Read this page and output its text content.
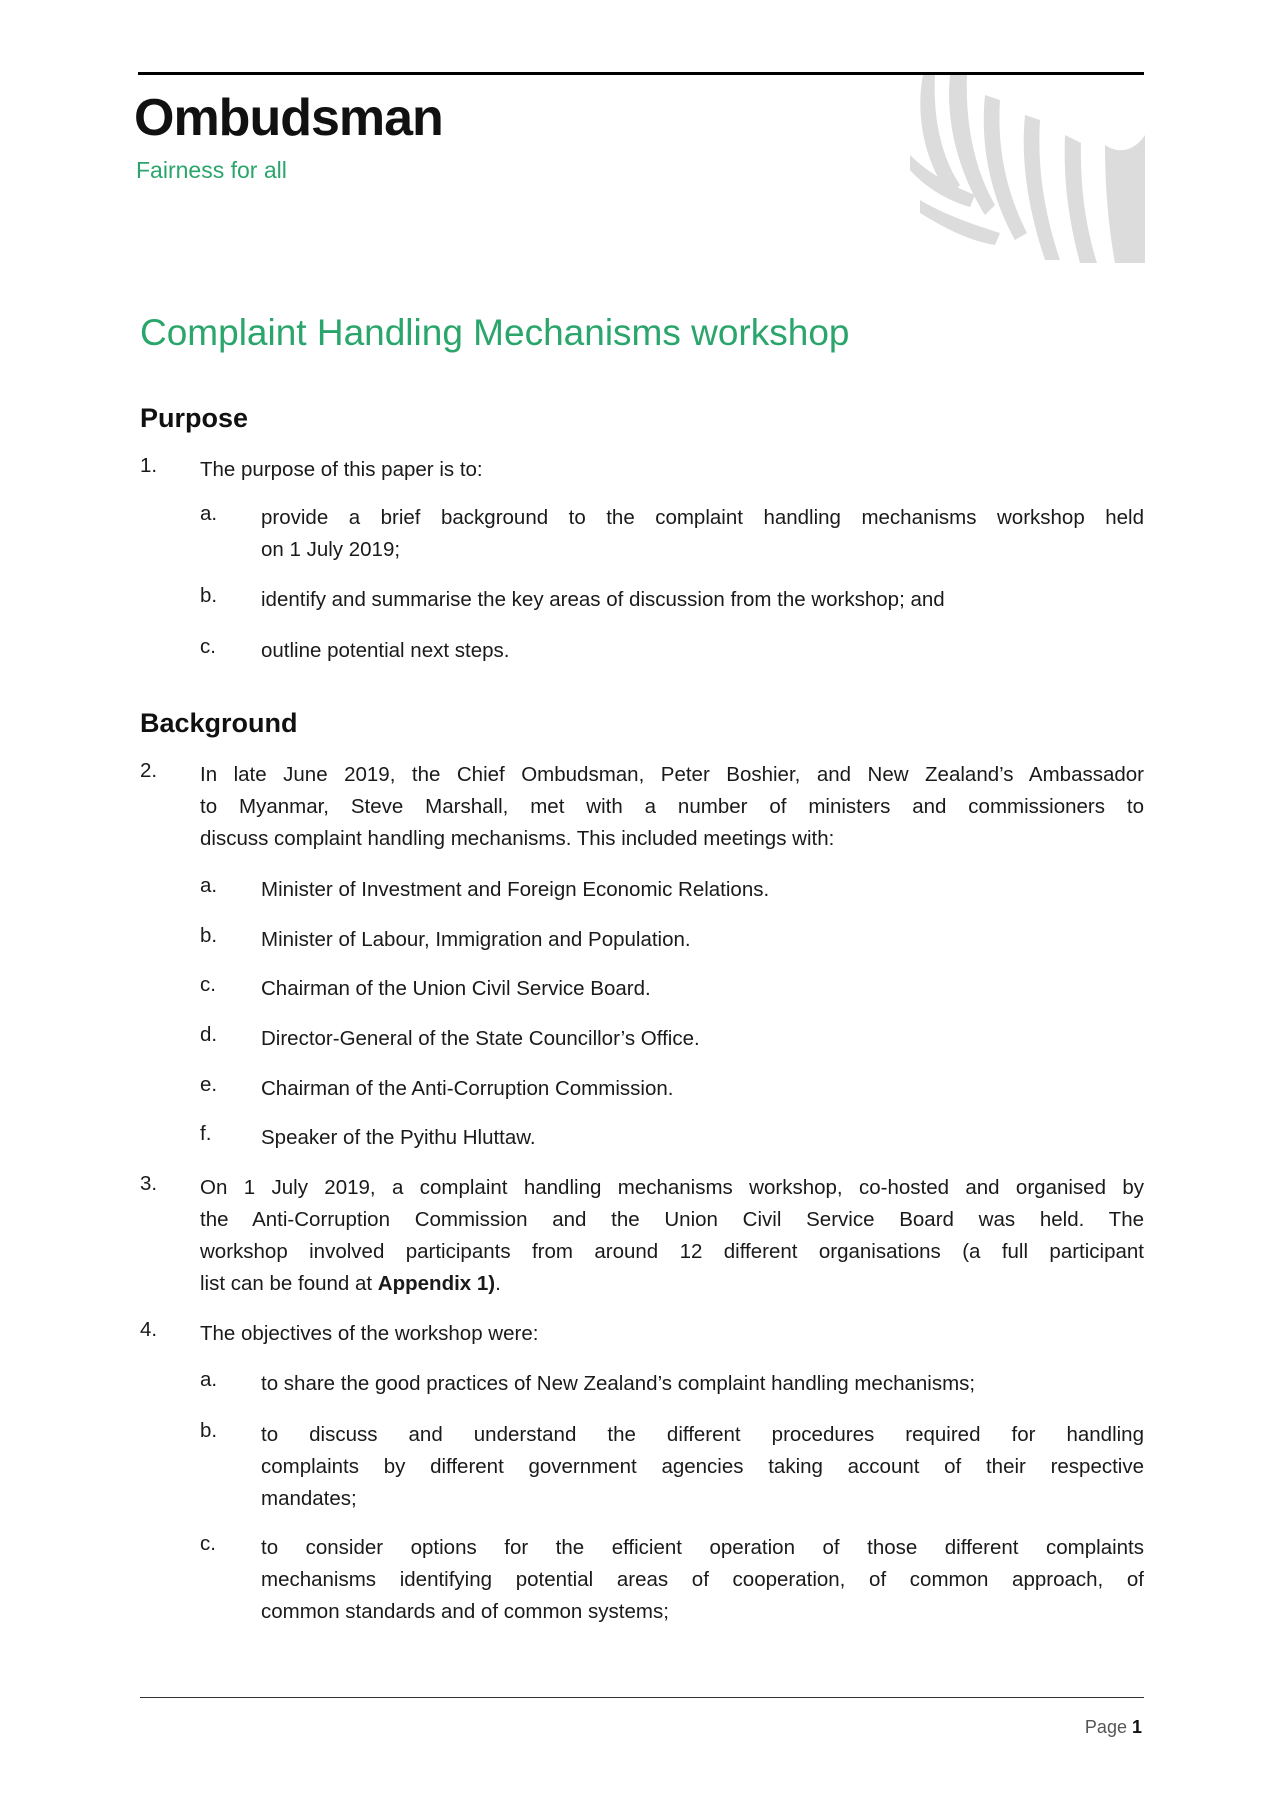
Ombudsman
Fairness for all
Complaint Handling Mechanisms workshop
Purpose
1. The purpose of this paper is to:
a. provide a brief background to the complaint handling mechanisms workshop held
on 1 July 2019;
b. identify and summarise the key areas of discussion from the workshop; and
c. outline potential next steps.
Background
2. In late June 2019, the Chief Ombudsman, Peter Boshier, and New Zealand’s Ambassador
to Myanmar, Steve Marshall, met with a number of ministers and commissioners to
discuss complaint handling mechanisms. This included meetings with:
a. Minister of Investment and Foreign Economic Relations.
b. Minister of Labour, Immigration and Population.
c. Chairman of the Union Civil Service Board.
d. Director-General of the State Councillor’s Office.
e. Chairman of the Anti-Corruption Commission.
f. Speaker of the Pyithu Hluttaw.
3. On 1 July 2019, a complaint handling mechanisms workshop, co-hosted and organised by
the Anti-Corruption Commission and the Union Civil Service Board was held. The
workshop involved participants from around 12 different organisations (a full participant
list can be found at Appendix 1).
4. The objectives of the workshop were:
a. to share the good practices of New Zealand’s complaint handling mechanisms;
b. to discuss and understand the different procedures required for handling
complaints by different government agencies taking account of their respective
mandates;
c. to consider options for the efficient operation of those different complaints
mechanisms identifying potential areas of cooperation, of common approach, of
common standards and of common systems;
Page 1
